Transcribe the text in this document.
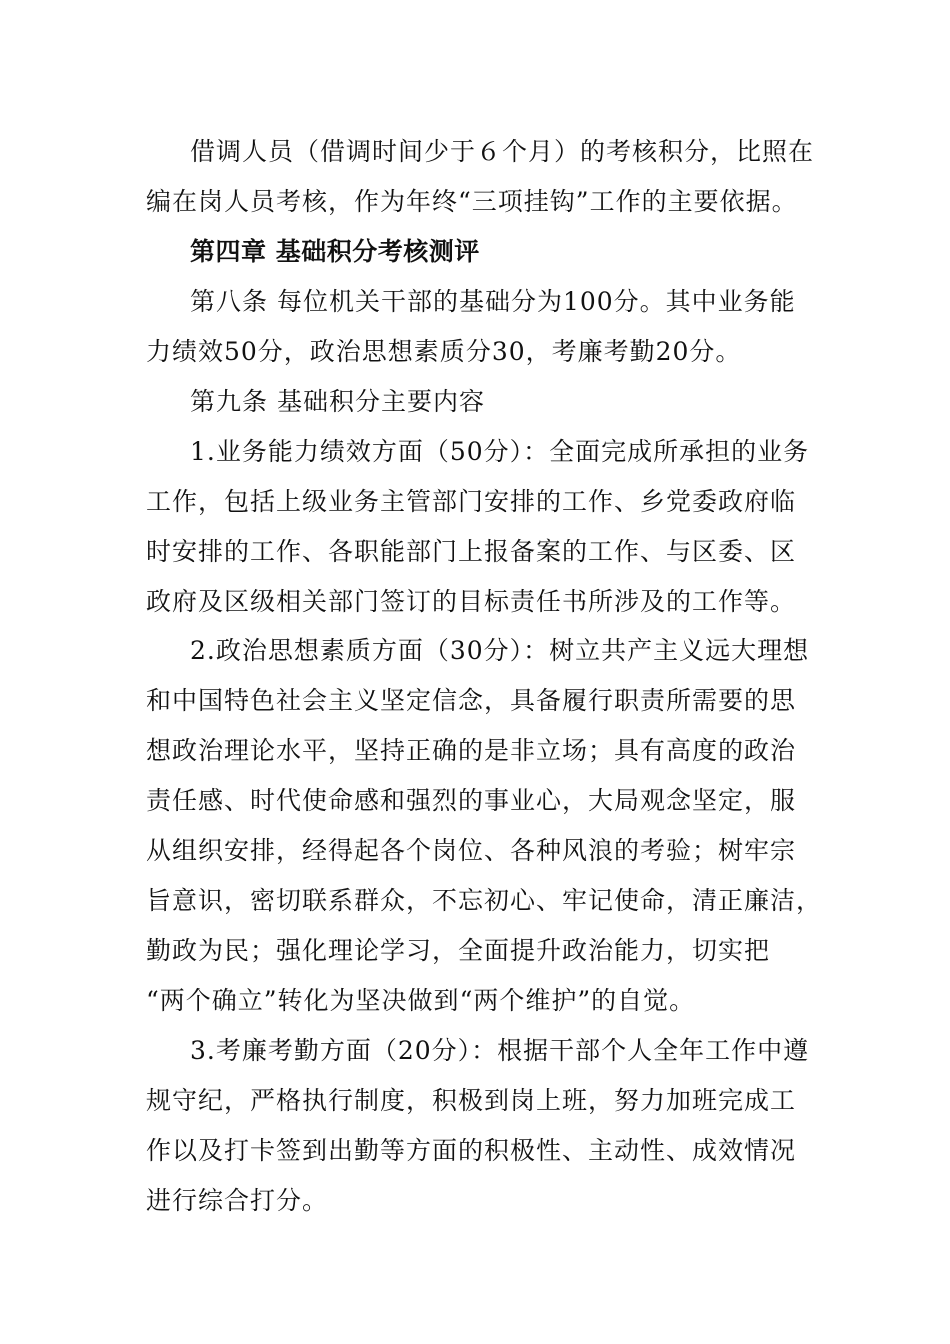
借调人员（借调时间少于６个月）的考核积分，比照在
编在岗人员考核，作为年终“三项挂钩”工作的主要依据。
第四章 基础积分考核测评
第八条 每位机关干部的基础分为100分。其中业务能
力绩效50分，政治思想素质分30，考廉考勤20分。
第九条 基础积分主要内容
1.业务能力绩效方面（50分）：全面完成所承担的业务
工作，包括上级业务主管部门安排的工作、乡党委政府临
时安排的工作、各职能部门上报备案的工作、与区委、区
政府及区级相关部门签订的目标责任书所涉及的工作等。
2.政治思想素质方面（30分）：树立共产主义远大理想
和中国特色社会主义坚定信念，具备履行职责所需要的思
想政治理论水平，坚持正确的是非立场；具有高度的政治
责任感、时代使命感和强烈的事业心，大局观念坚定，服
从组织安排，经得起各个岗位、各种风浪的考验；树牢宗
旨意识，密切联系群众，不忘初心、牢记使命，清正廉洁，
勤政为民；强化理论学习，全面提升政治能力，切实把
“两个确立”转化为坚决做到“两个维护”的自觉。
3.考廉考勤方面（20分）：根据干部个人全年工作中遵
规守纪，严格执行制度，积极到岗上班，努力加班完成工
作以及打卡签到出勤等方面的积极性、主动性、成效情况
进行综合打分。
